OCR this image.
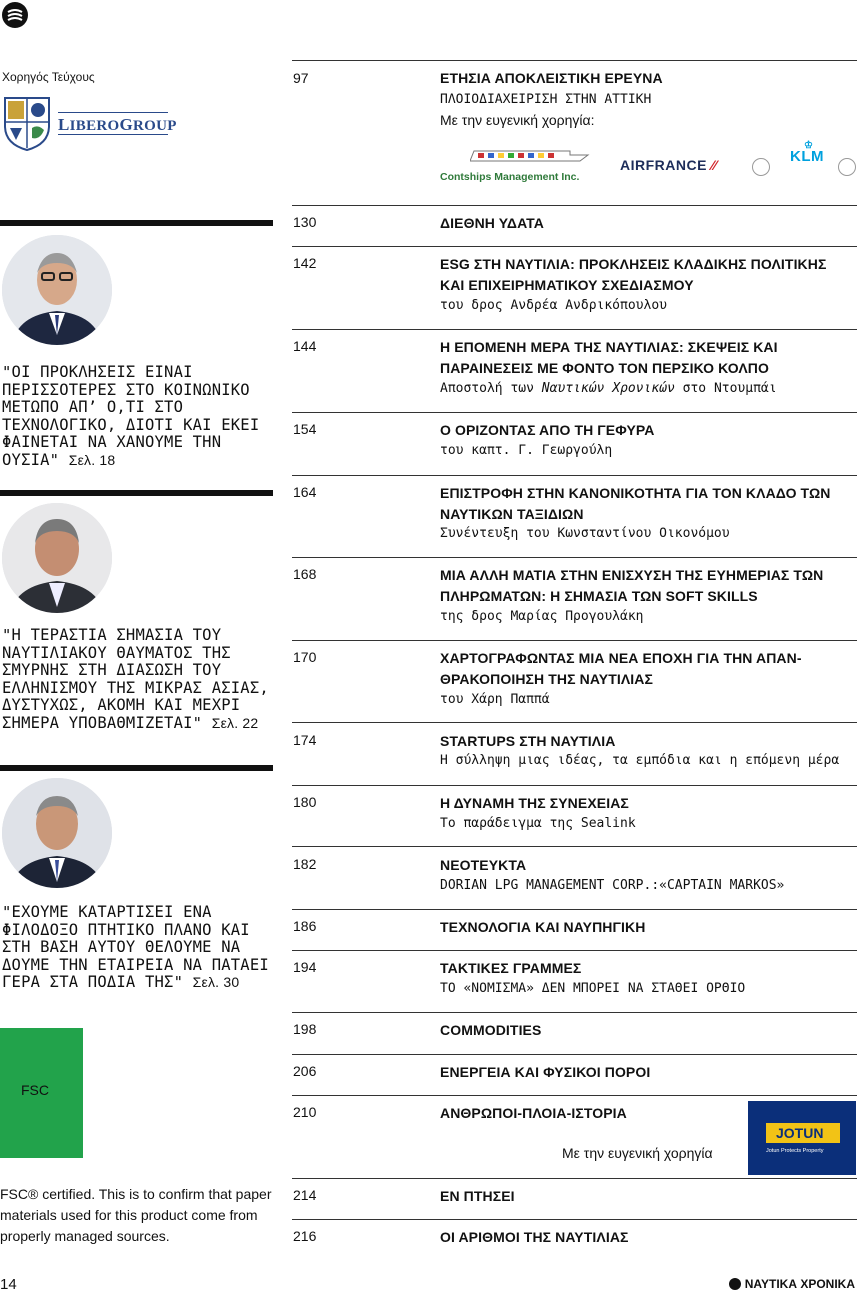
Χορηγός Τεύχους
LIBEROGROUP
"ΟΙ ΠΡΟΚΛΗΣΕΙΣ ΕΙΝΑΙ ΠΕΡΙΣΣΟΤΕΡΕΣ ΣΤΟ ΚΟΙΝΩΝΙΚΟ ΜΕΤΩΠΟ ΑΠ’ Ο,ΤΙ ΣΤΟ ΤΕΧΝΟΛΟΓΙΚΟ, ΔΙΟΤΙ ΚΑΙ ΕΚΕΙ ΦΑΙΝΕΤΑΙ ΝΑ ΧΑΝΟΥΜΕ ΤΗΝ ΟΥΣΙΑ" Σελ. 18
"Η ΤΕΡΑΣΤΙΑ ΣΗΜΑΣΙΑ ΤΟΥ ΝΑΥΤΙΛΙΑΚΟΥ ΘΑΥΜΑΤΟΣ ΤΗΣ ΣΜΥΡΝΗΣ ΣΤΗ ΔΙΑΣΩΣΗ ΤΟΥ ΕΛΛΗΝΙΣΜΟΥ ΤΗΣ ΜΙΚΡΑΣ ΑΣΙΑΣ, ΔΥΣΤΥΧΩΣ, ΑΚΟΜΗ ΚΑΙ ΜΕΧΡΙ ΣΗΜΕΡΑ ΥΠΟΒΑΘΜΙΖΕΤΑΙ" Σελ. 22
"ΕΧΟΥΜΕ ΚΑΤΑΡΤΙΣΕΙ ΕΝΑ ΦΙΛΟΔΟΞΟ ΠΤΗΤΙΚΟ ΠΛΑΝΟ ΚΑΙ ΣΤΗ ΒΑΣΗ ΑΥΤΟΥ ΘΕΛΟΥΜΕ ΝΑ ΔΟΥΜΕ ΤΗΝ ΕΤΑΙΡΕΙΑ ΝΑ ΠΑΤΑΕΙ ΓΕΡΑ ΣΤΑ ΠΟΔΙΑ ΤΗΣ" Σελ. 30
FSC
FSC® certified. This is to confirm that paper materials used for this product come from properly managed sources.
14	ΝΑΥΤΙΚΑ ΧΡΟΝΙΚΑ
97	ΕΤΗΣΙΑ ΑΠΟΚΛΕΙΣΤΙΚΗ ΕΡΕΥΝΑ
ΠΛΟΙΟΔΙΑΧΕΙΡΙΣΗ ΣΤΗΝ ΑΤΤΙΚΗ
Με την ευγενική χορηγία:
130	ΔΙΕΘΝΗ ΥΔΑΤΑ
142	ESG ΣΤΗ ΝΑΥΤΙΛΙΑ: ΠΡΟΚΛΗΣΕΙΣ ΚΛΑΔΙΚΗΣ ΠΟΛΙΤΙΚΗΣ ΚΑΙ ΕΠΙΧΕΙΡΗΜΑΤΙΚΟΥ ΣΧΕΔΙΑΣΜΟΥ
του δρος Ανδρέα Ανδρικόπουλου
144	Η ΕΠΟΜΕΝΗ ΜΕΡΑ ΤΗΣ ΝΑΥΤΙΛΙΑΣ: ΣΚΕΨΕΙΣ ΚΑΙ ΠΑΡΑΙΝΕΣΕΙΣ ΜΕ ΦΟΝΤΟ ΤΟΝ ΠΕΡΣΙΚΟ ΚΟΛΠΟ
Αποστολή των Ναυτικών Χρονικών στο Ντουμπάι
154	Ο ΟΡΙΖΟΝΤΑΣ ΑΠΟ ΤΗ ΓΕΦΥΡΑ
του καπτ. Γ. Γεωργούλη
164	ΕΠΙΣΤΡΟΦΗ ΣΤΗΝ ΚΑΝΟΝΙΚΟΤΗΤΑ ΓΙΑ ΤΟΝ ΚΛΑΔΟ ΤΩΝ ΝΑΥΤΙΚΩΝ ΤΑΞΙΔΙΩΝ
Συνέντευξη του Κωνσταντίνου Οικονόμου
168	ΜΙΑ ΑΛΛΗ ΜΑΤΙΑ ΣΤΗΝ ΕΝΙΣΧΥΣΗ ΤΗΣ ΕΥΗΜΕΡΙΑΣ ΤΩΝ ΠΛΗΡΩΜΑΤΩΝ: Η ΣΗΜΑΣΙΑ ΤΩΝ SOFT SKILLS
της δρος Μαρίας Προγουλάκη
170	ΧΑΡΤΟΓΡΑΦΩΝΤΑΣ ΜΙΑ ΝΕΑ ΕΠΟΧΗ ΓΙΑ ΤΗΝ ΑΠΑΝ-ΘΡΑΚΟΠΟΙΗΣΗ ΤΗΣ ΝΑΥΤΙΛΙΑΣ
του Χάρη Παππά
174	STARTUPS ΣΤΗ ΝΑΥΤΙΛΙΑ
Η σύλληψη μιας ιδέας, τα εμπόδια και η επόμενη μέρα
180	Η ΔΥΝΑΜΗ ΤΗΣ ΣΥΝΕΧΕΙΑΣ
Το παράδειγμα της Sealink
182	ΝΕΟΤΕΥΚΤΑ
DORIAN LPG MANAGEMENT CORP.:«CAPTAIN MARKOS»
186	ΤΕΧΝΟΛΟΓΙΑ ΚΑΙ ΝΑΥΠΗΓΙΚΗ
194	ΤΑΚΤΙΚΕΣ ΓΡΑΜΜΕΣ
ΤΟ «ΝΟΜΙΣΜΑ» ΔΕΝ ΜΠΟΡΕΙ ΝΑ ΣΤΑΘΕΙ ΟΡΘΙΟ
198	COMMODITIES
206	ΕΝΕΡΓΕΙΑ ΚΑΙ ΦΥΣΙΚΟΙ ΠΟΡΟΙ
210	ΑΝΘΡΩΠΟΙ-ΠΛΟΙΑ-ΙΣΤΟΡΙΑ
Με την ευγενική χορηγία
214	ΕΝ ΠΤΗΣΕΙ
216	ΟΙ ΑΡΙΘΜΟΙ ΤΗΣ ΝΑΥΤΙΛΙΑΣ
Contships Management Inc.
AIRFRANCE ⁄⁄
♔
KLM
JOTUN
Jotun Protects Property
